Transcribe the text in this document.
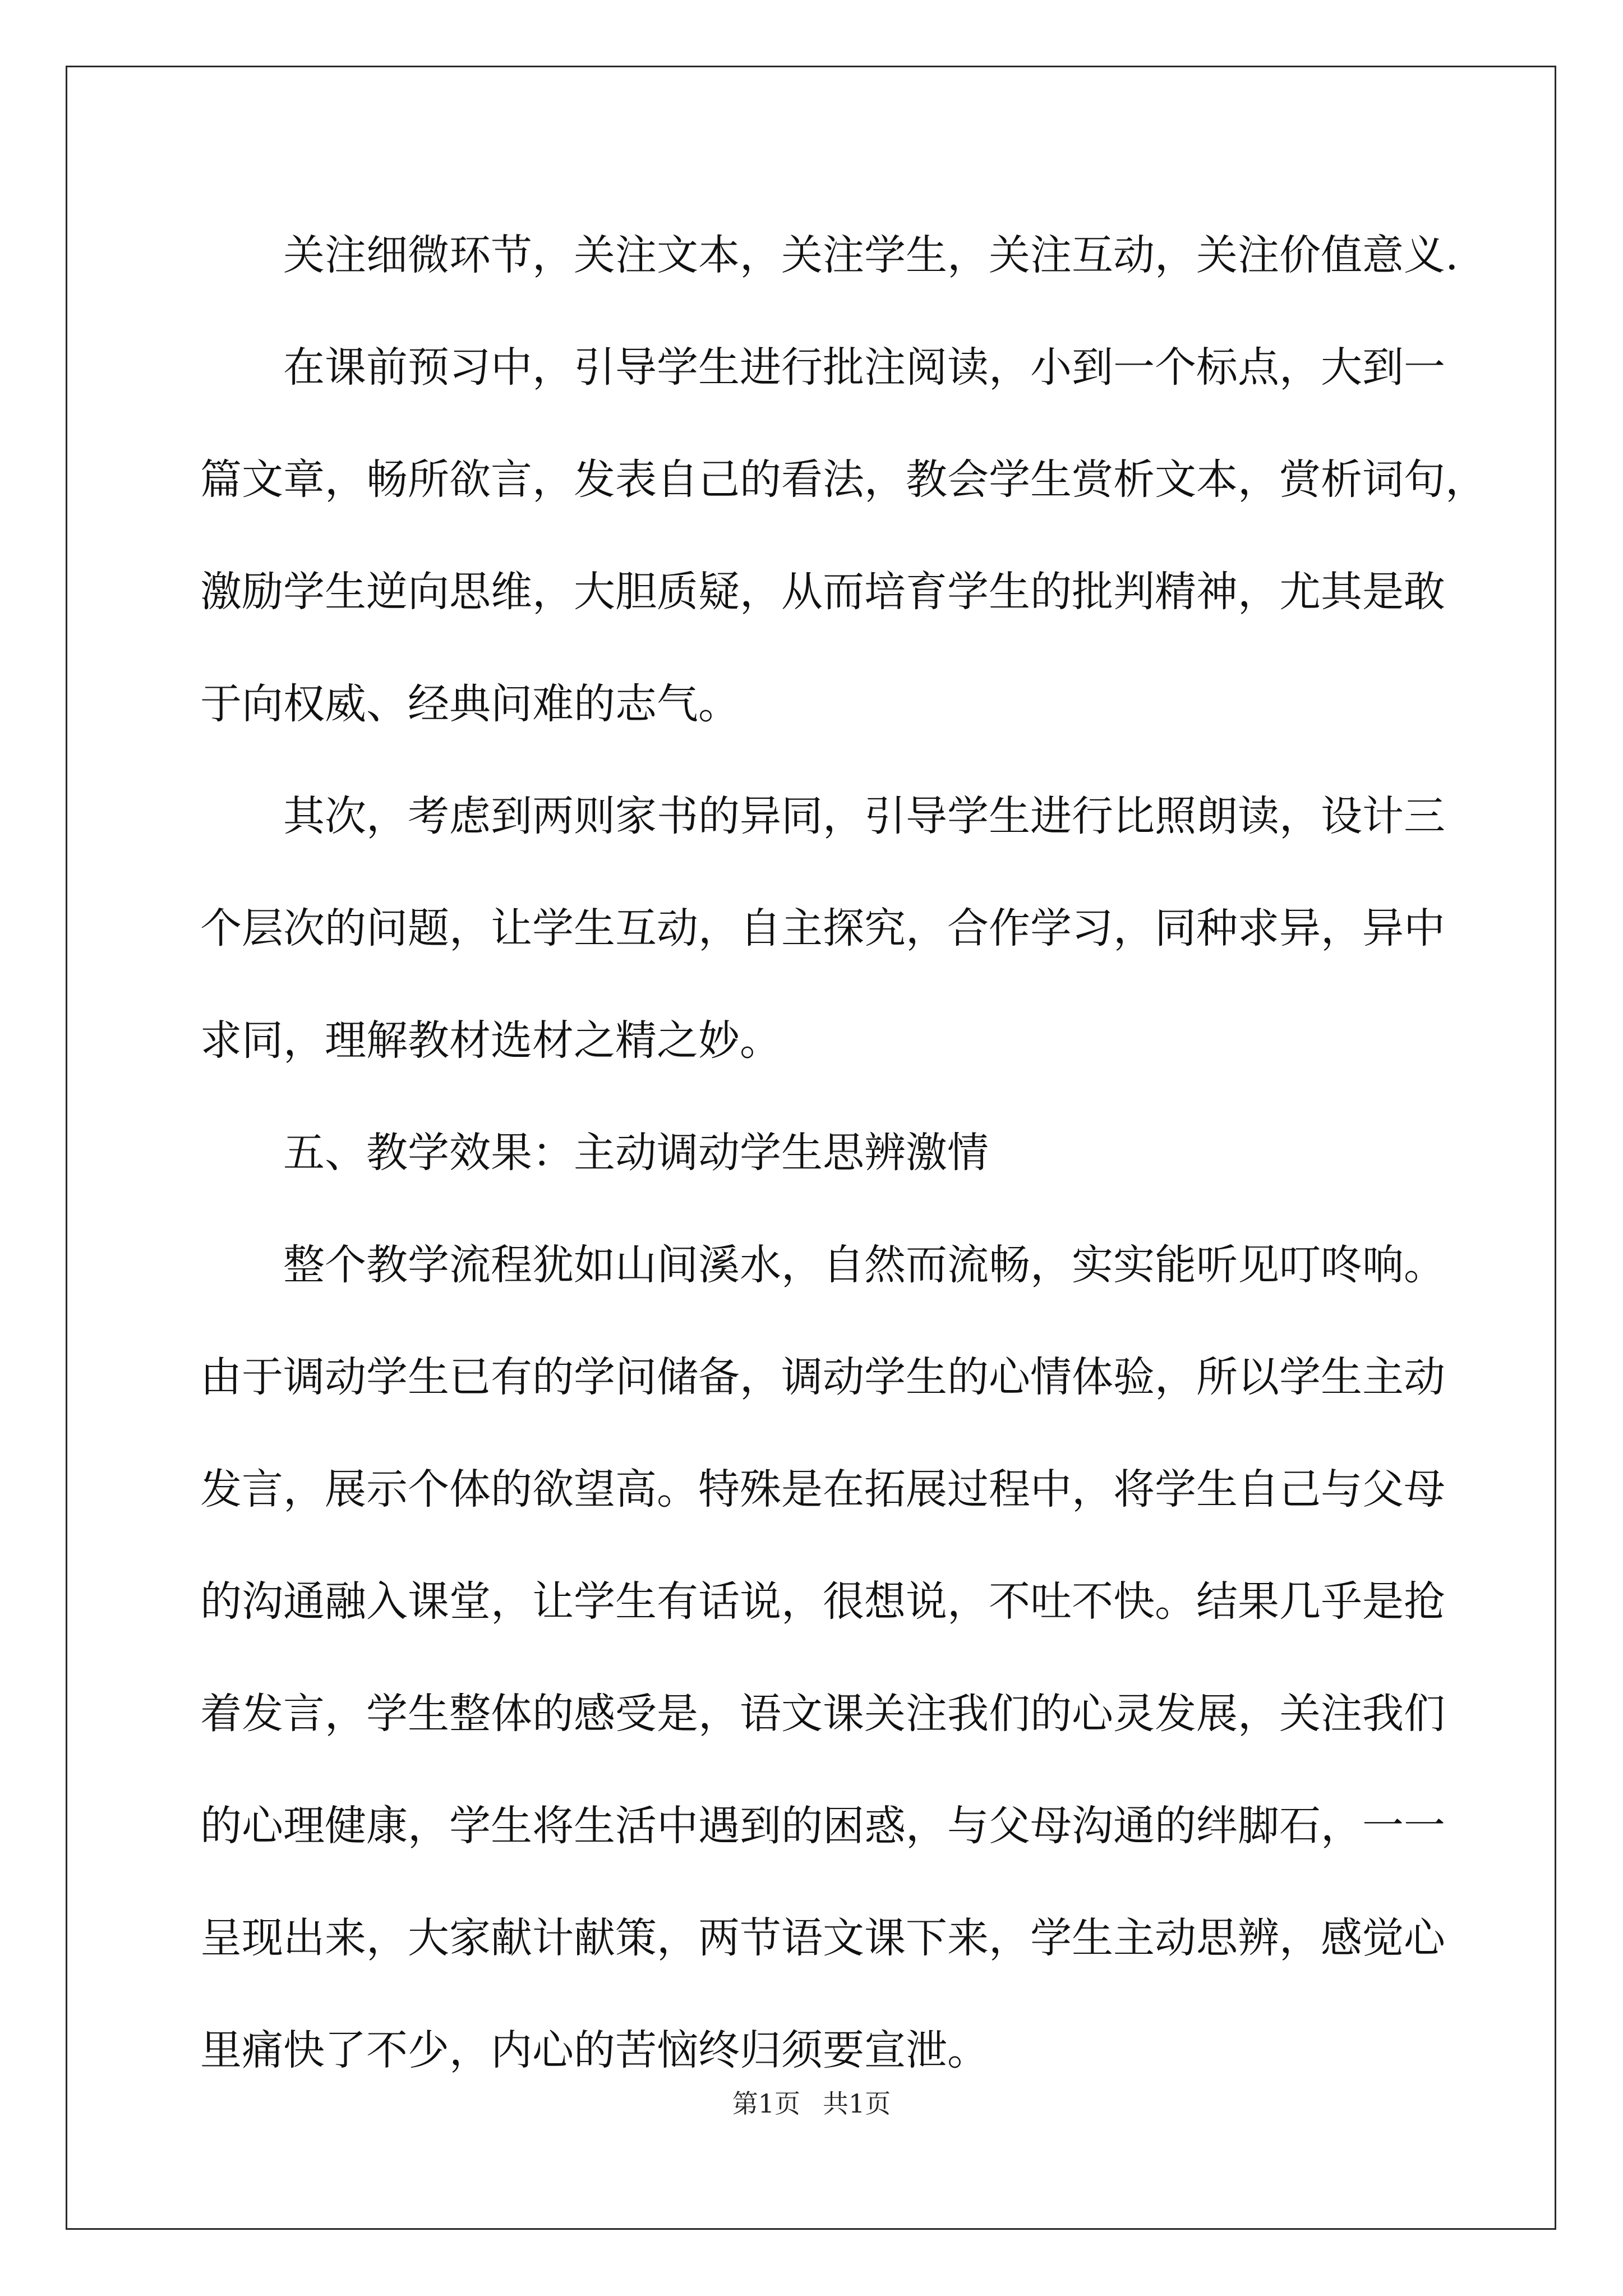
关注细微环节，关注文本，关注学生，关注互动，关注价值意义.
在 课 前 预 习 中 ， 引 导 学 生 进 行 批 注 阅 读 ， 小 到 一 个 标 点 ， 大 到 一
篇 文 章 ， 畅 所 欲 言 ， 发 表 自 己 的 看 法 ， 教 会 学 生 赏 析 文 本 ， 赏 析 词 句 ，
激 励 学 生 逆 向 思 维 ， 大 胆 质 疑 ， 从 而 培 育 学 生 的 批 判 精 神 ， 尤 其 是 敢
于向权威、经典问难的志气。
其 次 ， 考 虑 到 两 则 家 书 的 异 同 ， 引 导 学 生 进 行 比 照 朗 读 ， 设 计 三
个 层 次 的 问 题 ， 让 学 生 互 动 ， 自 主 探 究 ， 合 作 学 习 ， 同 种 求 异 ， 异 中
求同，理解教材选材之精之妙。
五、教学效果：主动调动学生思辨激情
整 个 教 学 流 程 犹 如 山 间 溪 水 ， 自 然 而 流 畅 ， 实 实 能 听 见 叮 咚 响 。
由 于 调 动 学 生 已 有 的 学 问 储 备 ， 调 动 学 生 的 心 情 体 验 ， 所 以 学 生 主 动
发 言 ， 展 示 个 体 的 欲 望 高 。 特 殊 是 在 拓 展 过 程 中 ， 将 学 生 自 己 与 父 母
的 沟 通 融 入 课 堂 ， 让 学 生 有 话 说 ， 很 想 说 ， 不 吐 不 快 。 结 果 几 乎 是 抢
着 发 言 ， 学 生 整 体 的 感 受 是 ， 语 文 课 关 注 我 们 的 心 灵 发 展 ， 关 注 我 们
的 心 理 健 康 ， 学 生 将 生 活 中 遇 到 的 困 惑 ， 与 父 母 沟 通 的 绊 脚 石 ， 一 一
呈 现 出 来 ， 大 家 献 计 献 策 ， 两 节 语 文 课 下 来 ， 学 生 主 动 思 辨 ， 感 觉 心
里痛快了不少，内心的苦恼终归须要宣泄。
第1页 共1页
